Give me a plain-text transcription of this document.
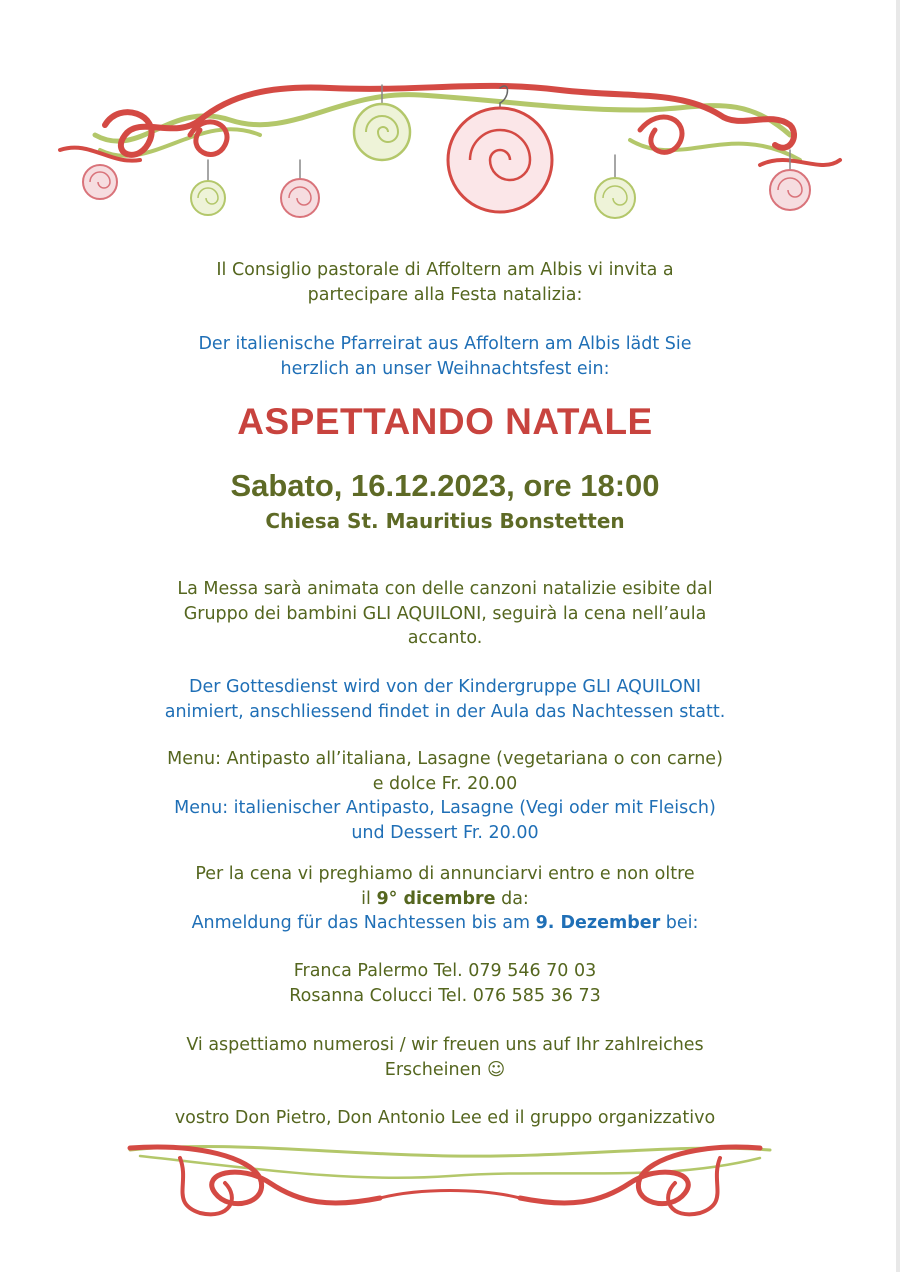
Il Consiglio pastorale di Affoltern am Albis vi invita a
partecipare alla Festa natalizia:
Der italienische Pfarreirat aus Affoltern am Albis lädt Sie
herzlich an unser Weihnachtsfest ein:
ASPETTANDO NATALE
Sabato, 16.12.2023, ore 18:00
Chiesa St. Mauritius Bonstetten
La Messa sarà animata con delle canzoni natalizie esibite dal
Gruppo dei bambini GLI AQUILONI, seguirà la cena nell’aula
accanto.
Der Gottesdienst wird von der Kindergruppe GLI AQUILONI
animiert, anschliessend findet in der Aula das Nachtessen statt.
Menu: Antipasto all’italiana, Lasagne (vegetariana o con carne)
e dolce Fr. 20.00
Menu: italienischer Antipasto, Lasagne (Vegi oder mit Fleisch)
und Dessert Fr. 20.00
Per la cena vi preghiamo di annunciarvi entro e non oltre
il 9° dicembre da:
Anmeldung für das Nachtessen bis am 9. Dezember bei:
Franca Palermo Tel. 079 546 70 03
Rosanna Colucci Tel. 076 585 36 73
Vi aspettiamo numerosi / wir freuen uns auf Ihr zahlreiches
Erscheinen ☺
vostro Don Pietro, Don Antonio Lee ed il gruppo organizzativo
